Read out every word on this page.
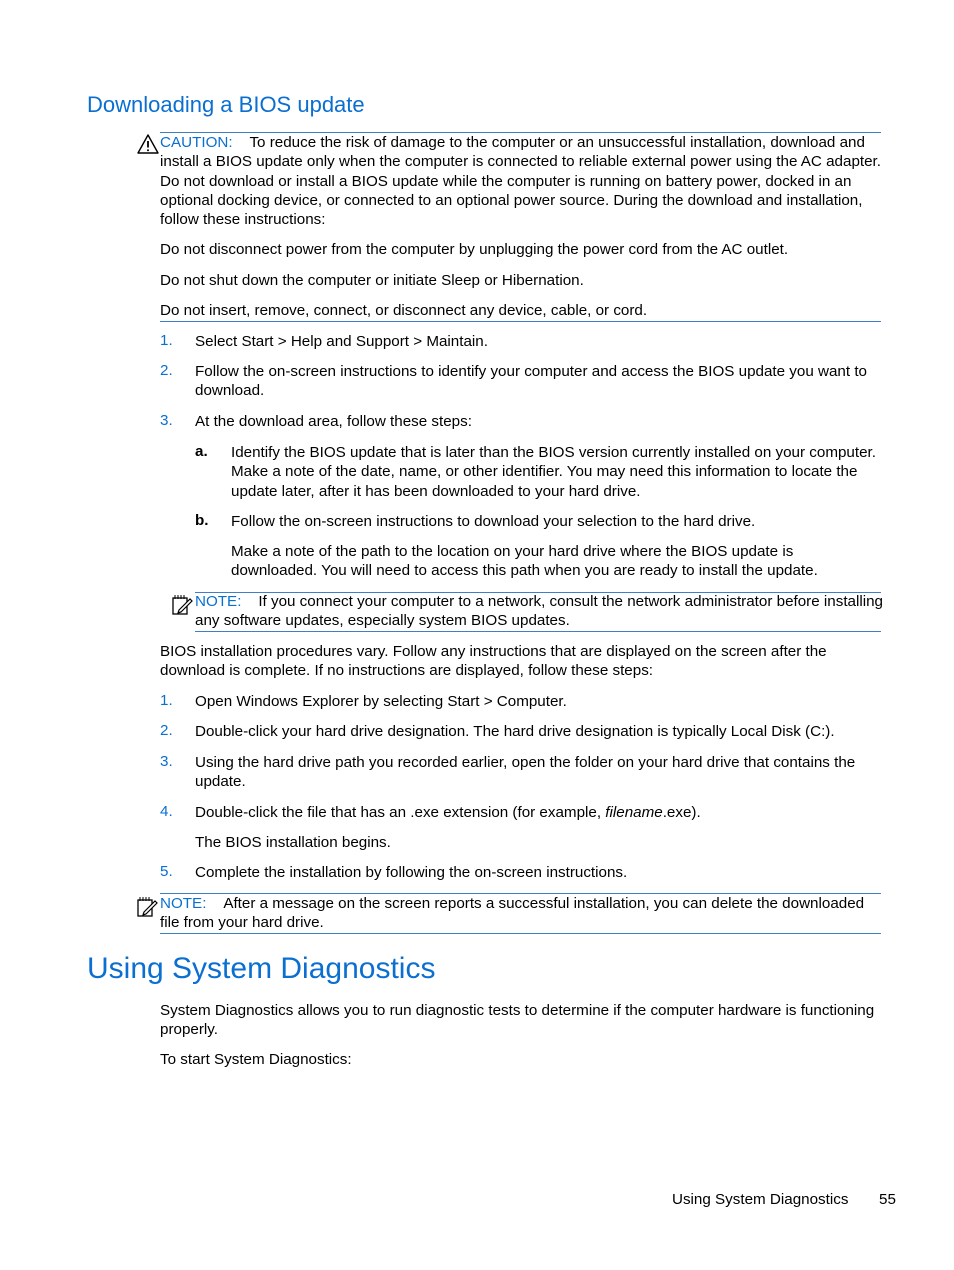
Downloading a BIOS update

CAUTION: To reduce the risk of damage to the computer or an unsuccessful installation, download and install a BIOS update only when the computer is connected to reliable external power using the AC adapter. Do not download or install a BIOS update while the computer is running on battery power, docked in an optional docking device, or connected to an optional power source. During the download and installation, follow these instructions:

Do not disconnect power from the computer by unplugging the power cord from the AC outlet.

Do not shut down the computer or initiate Sleep or Hibernation.

Do not insert, remove, connect, or disconnect any device, cable, or cord.

1. Select Start > Help and Support > Maintain.

2. Follow the on-screen instructions to identify your computer and access the BIOS update you want to download.

3. At the download area, follow these steps:

a. Identify the BIOS update that is later than the BIOS version currently installed on your computer. Make a note of the date, name, or other identifier. You may need this information to locate the update later, after it has been downloaded to your hard drive.

b. Follow the on-screen instructions to download your selection to the hard drive.

Make a note of the path to the location on your hard drive where the BIOS update is downloaded. You will need to access this path when you are ready to install the update.

NOTE: If you connect your computer to a network, consult the network administrator before installing any software updates, especially system BIOS updates.

BIOS installation procedures vary. Follow any instructions that are displayed on the screen after the download is complete. If no instructions are displayed, follow these steps:

1. Open Windows Explorer by selecting Start > Computer.

2. Double-click your hard drive designation. The hard drive designation is typically Local Disk (C:).

3. Using the hard drive path you recorded earlier, open the folder on your hard drive that contains the update.

4. Double-click the file that has an .exe extension (for example, filename.exe).

The BIOS installation begins.

5. Complete the installation by following the on-screen instructions.

NOTE: After a message on the screen reports a successful installation, you can delete the downloaded file from your hard drive.

Using System Diagnostics

System Diagnostics allows you to run diagnostic tests to determine if the computer hardware is functioning properly.

To start System Diagnostics:

Using System Diagnostics 55
